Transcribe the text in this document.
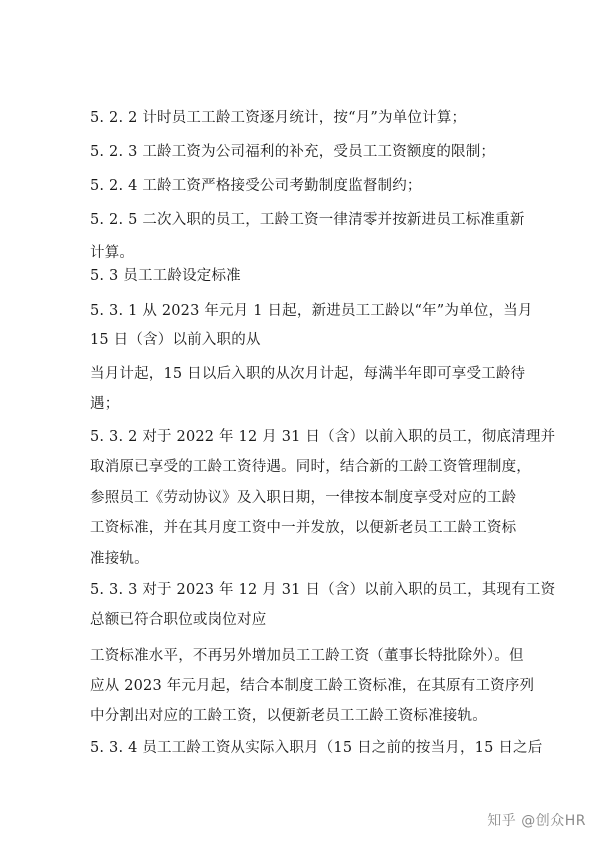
5. 2. 2 计时员工工龄工资逐月统计，按“月”为单位计算；
5. 2. 3 工龄工资为公司福利的补充，受员工工资额度的限制；
5. 2. 4 工龄工资严格接受公司考勤制度监督制约；
5. 2. 5 二次入职的员工，工龄工资一律清零并按新进员工标准重新
计算。
5. 3 员工工龄设定标准
5. 3. 1 从 2023 年元月 1 日起，新进员工工龄以“年”为单位，当月
15 日（含）以前入职的从
当月计起，15 日以后入职的从次月计起，每满半年即可享受工龄待
遇；
5. 3. 2 对于 2022 年 12 月 31 日（含）以前入职的员工，彻底清理并
取消原已享受的工龄工资待遇。同时，结合新的工龄工资管理制度，
参照员工《劳动协议》及入职日期，一律按本制度享受对应的工龄
工资标准，并在其月度工资中一并发放，以便新老员工工龄工资标
准接轨。
5. 3. 3 对于 2023 年 12 月 31 日（含）以前入职的员工，其现有工资
总额已符合职位或岗位对应
工资标准水平，不再另外增加员工工龄工资（董事长特批除外）。但
应从 2023 年元月起，结合本制度工龄工资标准，在其原有工资序列
中分割出对应的工龄工资，以便新老员工工龄工资标准接轨。
5. 3. 4 员工工龄工资从实际入职月（15 日之前的按当月，15 日之后
知乎 @创众HR
